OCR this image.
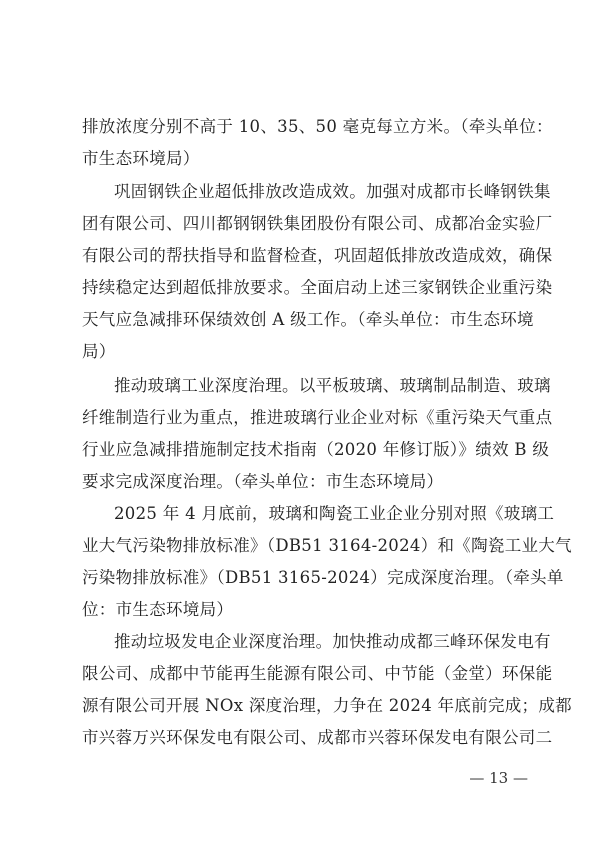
排放浓度分别不高于 10、35、50 毫克每立方米。（牵头单位：
市生态环境局）
巩固钢铁企业超低排放改造成效。加强对成都市长峰钢铁集
团有限公司、四川都钢钢铁集团股份有限公司、成都冶金实验厂
有限公司的帮扶指导和监督检查，巩固超低排放改造成效，确保
持续稳定达到超低排放要求。全面启动上述三家钢铁企业重污染
天气应急减排环保绩效创 A 级工作。（牵头单位：市生态环境
局）
推动玻璃工业深度治理。以平板玻璃、玻璃制品制造、玻璃
纤维制造行业为重点，推进玻璃行业企业对标《重污染天气重点
行业应急减排措施制定技术指南（2020 年修订版）》绩效 B 级
要求完成深度治理。（牵头单位：市生态环境局）
2025 年 4 月底前，玻璃和陶瓷工业企业分别对照《玻璃工
业大气污染物排放标准》（DB51 3164-2024）和《陶瓷工业大气
污染物排放标准》（DB51 3165-2024）完成深度治理。（牵头单
位：市生态环境局）
推动垃圾发电企业深度治理。加快推动成都三峰环保发电有
限公司、成都中节能再生能源有限公司、中节能（金堂）环保能
源有限公司开展 NOx 深度治理，力争在 2024 年底前完成；成都
市兴蓉万兴环保发电有限公司、成都市兴蓉环保发电有限公司二
— 13 —
